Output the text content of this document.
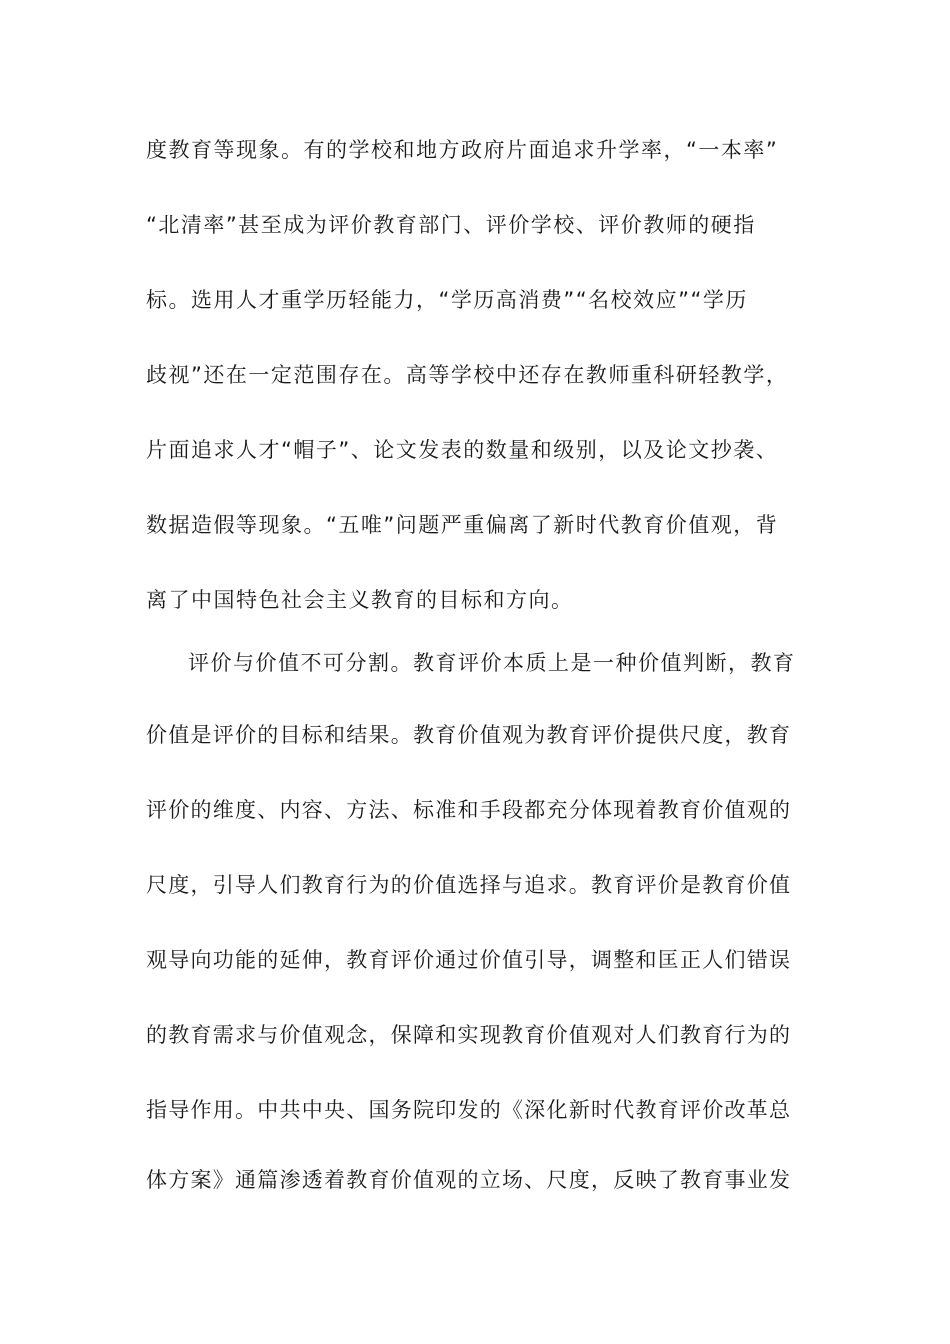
度教育等现象。有的学校和地方政府片面追求升学率，“一本率”
“北清率”甚至成为评价教育部门、评价学校、评价教师的硬指
标。选用人才重学历轻能力，“学历高消费”“名校效应”“学历
歧视”还在一定范围存在。高等学校中还存在教师重科研轻教学，
片面追求人才“帽子”、论文发表的数量和级别，以及论文抄袭、
数据造假等现象。“五唯”问题严重偏离了新时代教育价值观，背
离了中国特色社会主义教育的目标和方向。
评价与价值不可分割。教育评价本质上是一种价值判断，教育
价值是评价的目标和结果。教育价值观为教育评价提供尺度，教育
评价的维度、内容、方法、标准和手段都充分体现着教育价值观的
尺度，引导人们教育行为的价值选择与追求。教育评价是教育价值
观导向功能的延伸，教育评价通过价值引导，调整和匡正人们错误
的教育需求与价值观念，保障和实现教育价值观对人们教育行为的
指导作用。中共中央、国务院印发的《深化新时代教育评价改革总
体方案》通篇渗透着教育价值观的立场、尺度，反映了教育事业发
